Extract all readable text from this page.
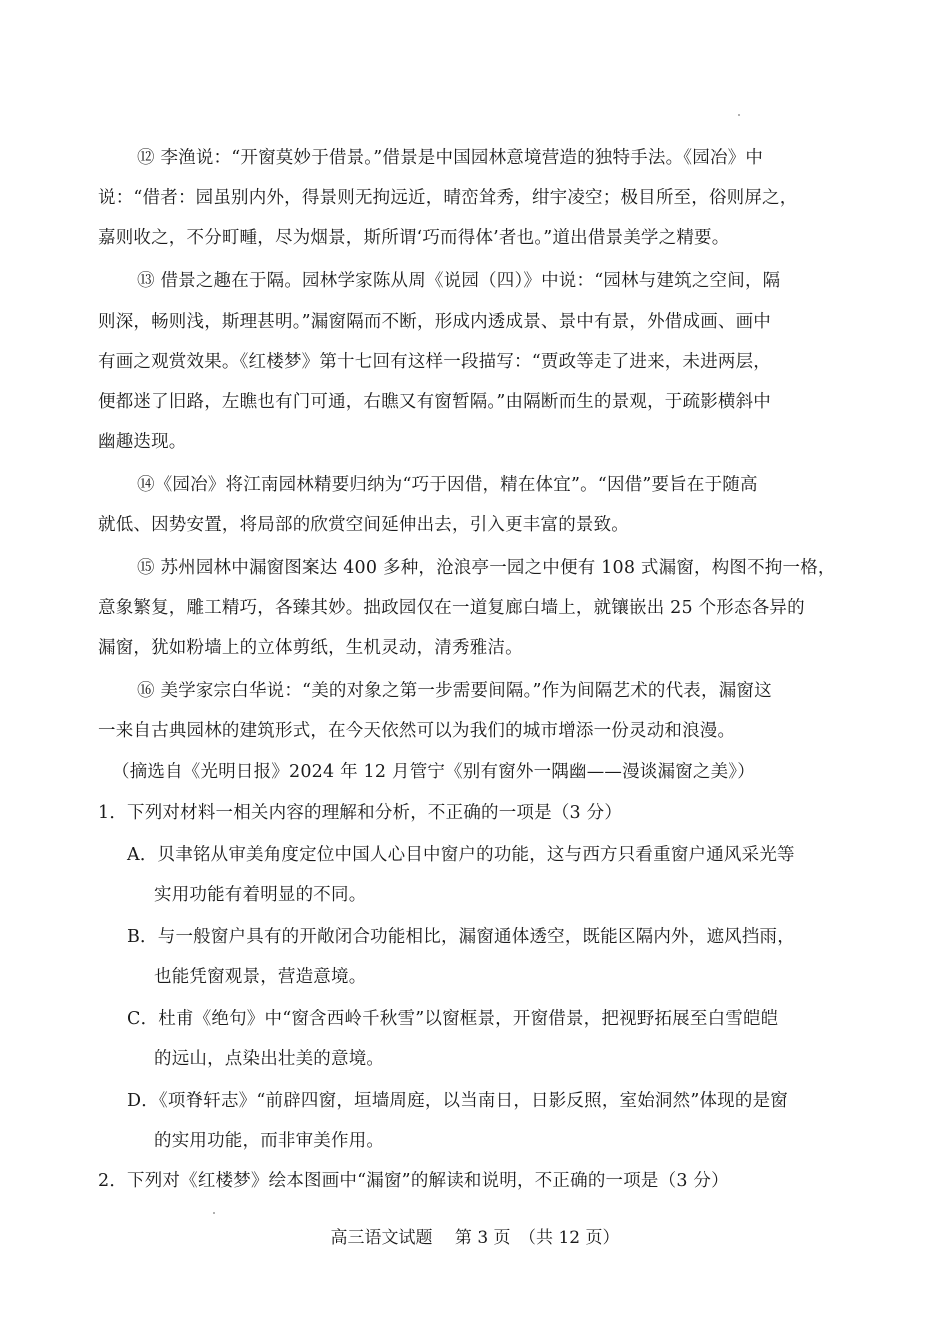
⑫ 李渔说：“开窗莫妙于借景。”借景是中国园林意境营造的独特手法。《园冶》中
说：“借者：园虽别内外，得景则无拘远近，晴峦耸秀，绀宇凌空；极目所至，俗则屏之，
嘉则收之，不分町畽，尽为烟景，斯所谓‘巧而得体’者也。”道出借景美学之精要。
⑬ 借景之趣在于隔。园林学家陈从周《说园（四）》中说：“园林与建筑之空间，隔
则深，畅则浅，斯理甚明。”漏窗隔而不断，形成内透成景、景中有景，外借成画、画中
有画之观赏效果。《红楼梦》第十七回有这样一段描写：“贾政等走了进来，未进两层，
便都迷了旧路，左瞧也有门可通，右瞧又有窗暂隔。”由隔断而生的景观，于疏影横斜中
幽趣迭现。
⑭《园冶》将江南园林精要归纳为“巧于因借，精在体宜”。“因借”要旨在于随高
就低、因势安置，将局部的欣赏空间延伸出去，引入更丰富的景致。
⑮ 苏州园林中漏窗图案达 400 多种，沧浪亭一园之中便有 108 式漏窗，构图不拘一格，
意象繁复，雕工精巧，各臻其妙。拙政园仅在一道复廊白墙上，就镶嵌出 25 个形态各异的
漏窗，犹如粉墙上的立体剪纸，生机灵动，清秀雅洁。
⑯ 美学家宗白华说：“美的对象之第一步需要间隔。”作为间隔艺术的代表，漏窗这
一来自古典园林的建筑形式，在今天依然可以为我们的城市增添一份灵动和浪漫。
（摘选自《光明日报》2024 年 12 月管宁《别有窗外一隅幽——漫谈漏窗之美》）
1．下列对材料一相关内容的理解和分析，不正确的一项是（3 分）
A．贝聿铭从审美角度定位中国人心目中窗户的功能，这与西方只看重窗户通风采光等
实用功能有着明显的不同。
B．与一般窗户具有的开敞闭合功能相比，漏窗通体透空，既能区隔内外，遮风挡雨，
也能凭窗观景，营造意境。
C．杜甫《绝句》中“窗含西岭千秋雪”以窗框景，开窗借景，把视野拓展至白雪皑皑
的远山，点染出壮美的意境。
D．《项脊轩志》“前辟四窗，垣墙周庭，以当南日，日影反照，室始洞然”体现的是窗
的实用功能，而非审美作用。
2．下列对《红楼梦》绘本图画中“漏窗”的解读和说明，不正确的一项是（3 分）
高三语文试题　 第 3 页　（共 12 页）
